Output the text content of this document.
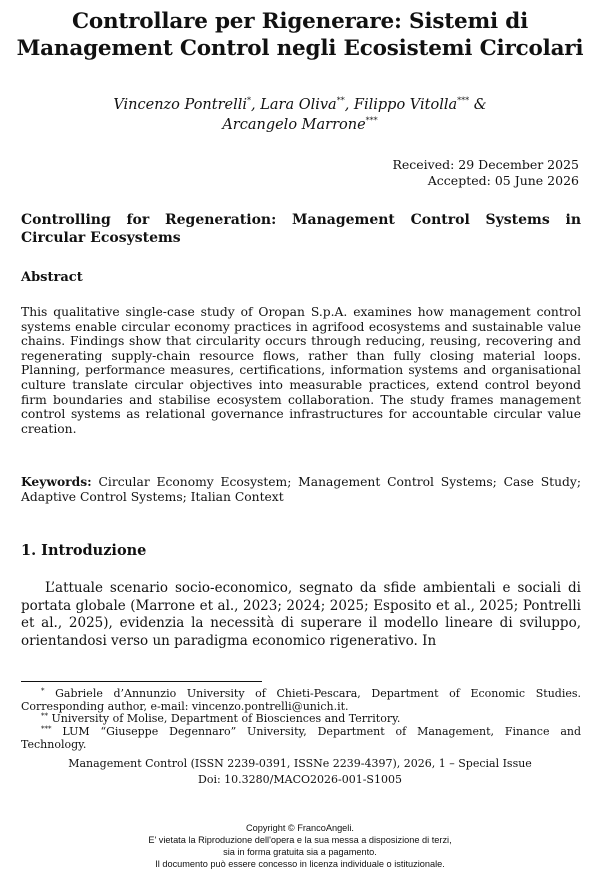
Controllare per Rigenerare: Sistemi di
Management Control negli Ecosistemi Circolari
Vincenzo Pontrelli*, Lara Oliva**, Filippo Vitolla*** &
Arcangelo Marrone***
Received: 29 December 2025
Accepted: 05 June 2026
Controlling for Regeneration: Management Control Systems in Circular Ecosystems
Abstract
This qualitative single-case study of Oropan S.p.A. examines how management control systems enable circular economy practices in agrifood ecosystems and sustainable value chains. Findings show that circularity occurs through reducing, reusing, recovering and regenerating supply-chain resource flows, rather than fully closing material loops. Planning, performance measures, certifications, information systems and organisational culture translate circular objectives into measurable practices, extend control beyond firm boundaries and stabilise ecosystem collaboration. The study frames management control systems as relational governance infrastructures for accountable circular value creation.
Keywords: Circular Economy Ecosystem; Management Control Systems; Case Study; Adaptive Control Systems; Italian Context
1. Introduzione
L’attuale scenario socio-economico, segnato da sfide ambientali e sociali di portata globale (Marrone et al., 2023; 2024; 2025; Esposito et al., 2025; Pontrelli et al., 2025), evidenzia la necessità di superare il modello lineare di sviluppo, orientandosi verso un paradigma economico rigenerativo. In
* Gabriele d’Annunzio University of Chieti-Pescara, Department of Economic Studies. Corresponding author, e-mail: vincenzo.pontrelli@unich.it.
** University of Molise, Department of Biosciences and Territory.
*** LUM “Giuseppe Degennaro” University, Department of Management, Finance and Technology.
Management Control (ISSN 2239-0391, ISSNe 2239-4397), 2026, 1 – Special Issue
Doi: 10.3280/MACO2026-001-S1005
Copyright © FrancoAngeli.
E' vietata la Riproduzione dell'opera e la sua messa a disposizione di terzi,
sia in forma gratuita sia a pagamento.
Il documento può essere concesso in licenza individuale o istituzionale.
